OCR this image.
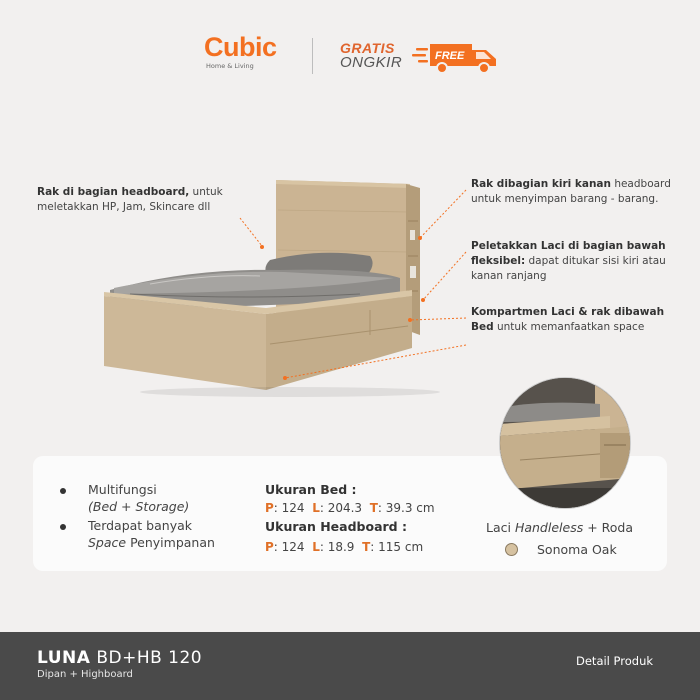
Cubic
Home & Living
GRATIS
ONGKIR	FREE
Rak di bagian headboard, untuk meletakkan HP, Jam, Skincare dll
Rak dibagian kiri kanan headboard untuk menyimpan barang - barang.
Peletakkan Laci di bagian bawah fleksibel: dapat ditukar sisi kiri atau kanan ranjang
Kompartmen Laci & rak dibawah Bed untuk memanfaatkan space
Multifungsi
(Bed + Storage)
Terdapat banyak
Space Penyimpanan
Ukuran Bed :
P: 124 L: 204.3 T: 39.3 cm
Ukuran Headboard :
P: 124 L: 18.9 T: 115 cm
Laci Handleless + Roda
Sonoma Oak
LUNA BD+HB 120
Dipan + Highboard
Detail Produk
